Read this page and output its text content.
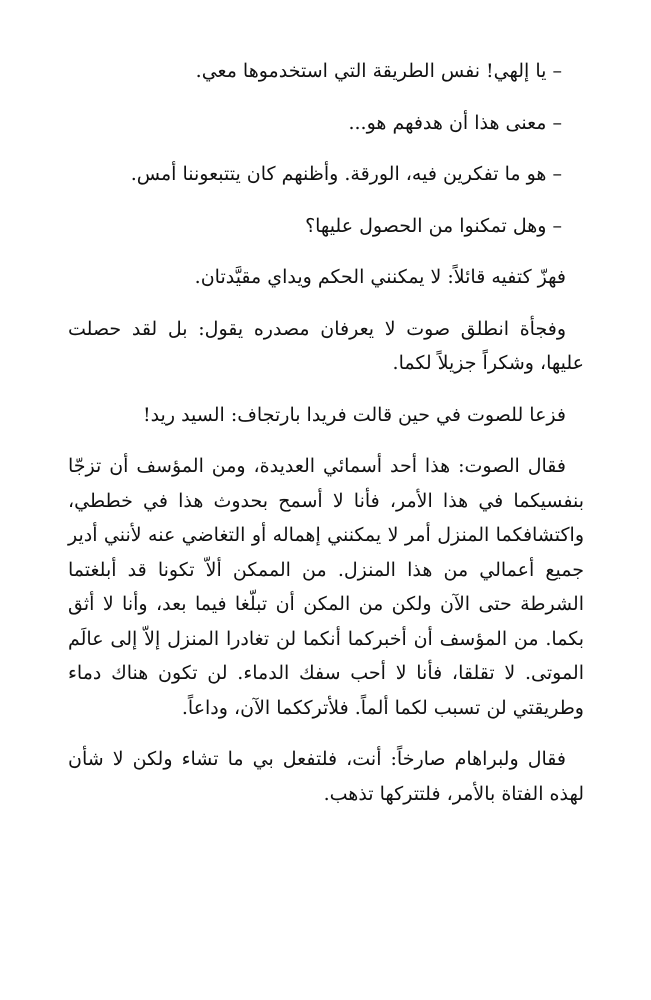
– يا إلهي! نفس الطريقة التي استخدموها معي.

– معنى هذا أن هدفهم هو...

– هو ما تفكرين فيه، الورقة. وأظنهم كان يتتبعوننا أمس.

– وهل تمكنوا من الحصول عليها؟

فهزّ كتفيه قائلاً: لا يمكنني الحكم ويداي مقيَّدتان.

وفجأة انطلق صوت لا يعرفان مصدره يقول: بل لقد حصلت عليها، وشكراً جزيلاً لكما.

فزعا للصوت في حين قالت فريدا بارتجاف: السيد ريد!

فقال الصوت: هذا أحد أسمائي العديدة، ومن المؤسف أن تزجّا بنفسيكما في هذا الأمر، فأنا لا أسمح بحدوث هذا في خططي، واكتشافكما المنزل أمر لا يمكنني إهماله أو التغاضي عنه لأنني أدير جميع أعمالي من هذا المنزل. من الممكن ألاّ تكونا قد أبلغتما الشرطة حتى الآن ولكن من المكن أن تبلّغا فيما بعد، وأنا لا أثق بكما. من المؤسف أن أخبركما أنكما لن تغادرا المنزل إلاّ إلى عالَم الموتى. لا تقلقا، فأنا لا أحب سفك الدماء. لن تكون هناك دماء وطريقتي لن تسبب لكما ألماً. فلأترككما الآن، وداعاً.

فقال ولبراهام صارخاً: أنت، فلتفعل بي ما تشاء ولكن لا شأن لهذه الفتاة بالأمر، فلتتركها تذهب.
